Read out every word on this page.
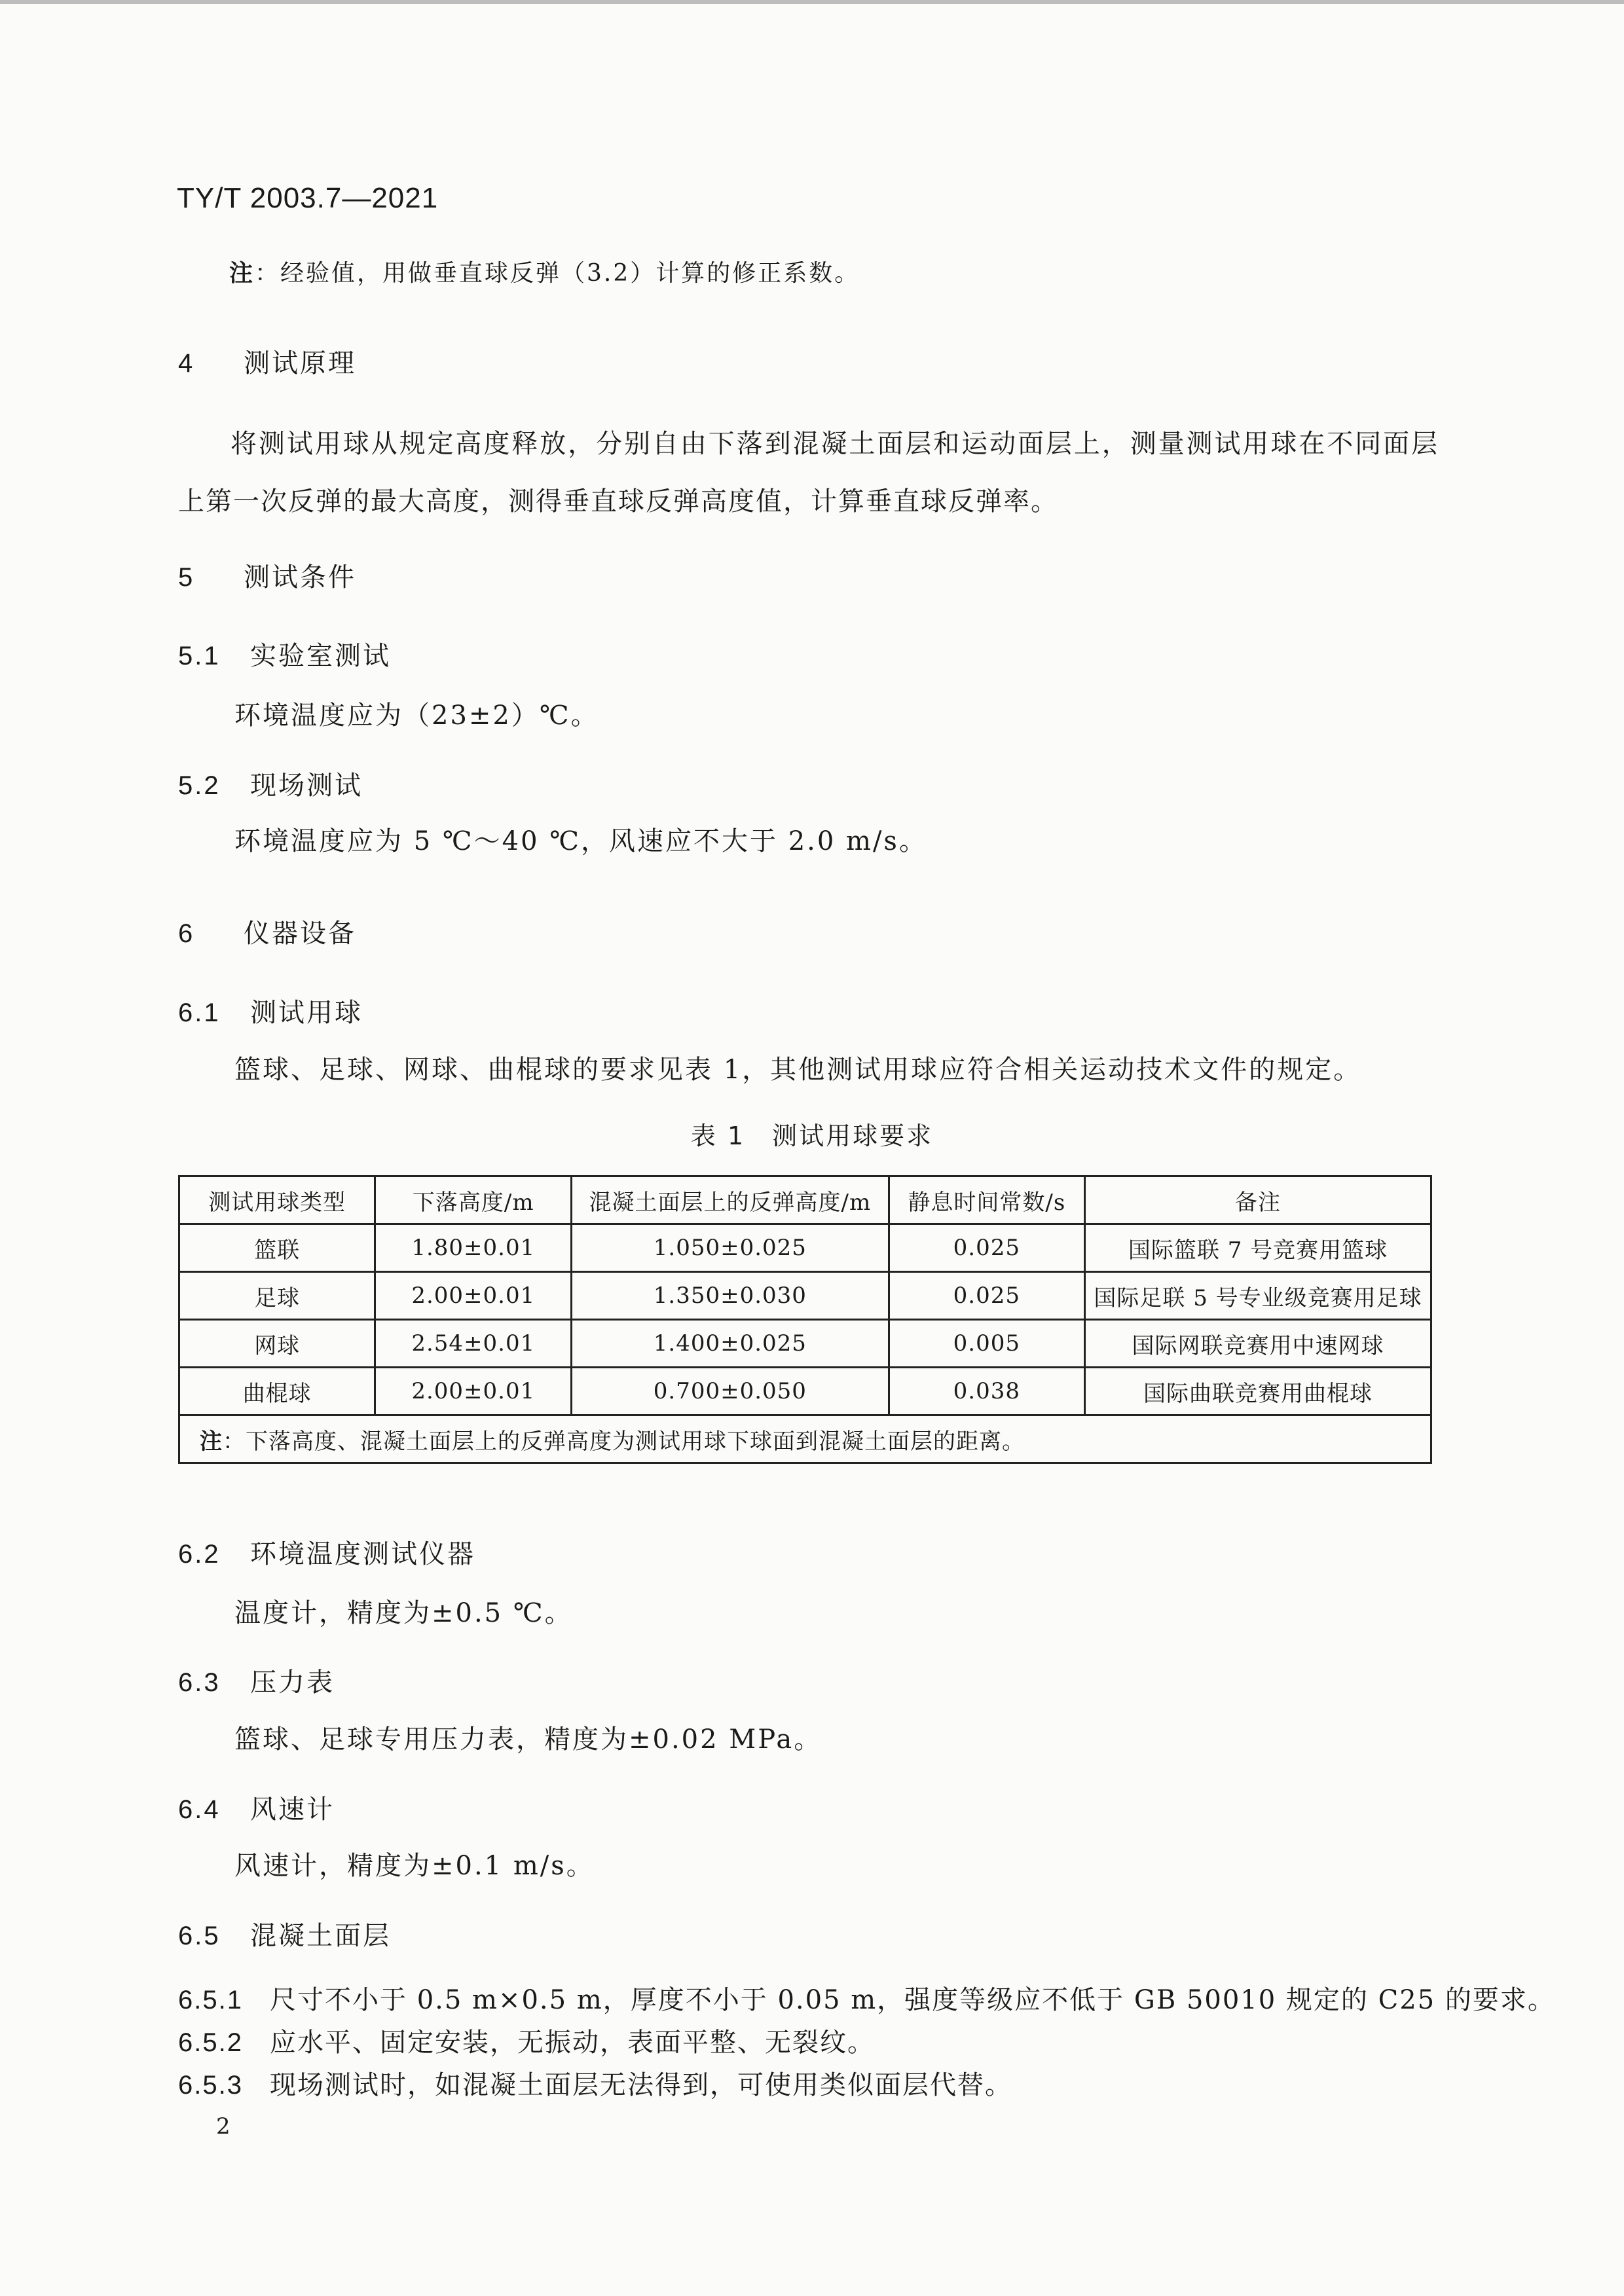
TY/T 2003.7—2021
注：经验值，用做垂直球反弹（3.2）计算的修正系数。
4 测试原理
将测试用球从规定高度释放，分别自由下落到混凝土面层和运动面层上，测量测试用球在不同面层上第一次反弹的最大高度，测得垂直球反弹高度值，计算垂直球反弹率。
5 测试条件
5.1 实验室测试
环境温度应为（23±2）℃。
5.2 现场测试
环境温度应为 5 ℃～40 ℃，风速应不大于 2.0 m/s。
6 仪器设备
6.1 测试用球
篮球、足球、网球、曲棍球的要求见表 1，其他测试用球应符合相关运动技术文件的规定。
表 1　测试用球要求
测试用球类型	下落高度/m	混凝土面层上的反弹高度/m	静息时间常数/s	备注
篮联	1.80±0.01	1.050±0.025	0.025	国际篮联 7 号竞赛用篮球
足球	2.00±0.01	1.350±0.030	0.025	国际足联 5 号专业级竞赛用足球
网球	2.54±0.01	1.400±0.025	0.005	国际网联竞赛用中速网球
曲棍球	2.00±0.01	0.700±0.050	0.038	国际曲联竞赛用曲棍球
注：下落高度、混凝土面层上的反弹高度为测试用球下球面到混凝土面层的距离。				
6.2 环境温度测试仪器
温度计，精度为±0.5 ℃。
6.3 压力表
篮球、足球专用压力表，精度为±0.02 MPa。
6.4 风速计
风速计，精度为±0.1 m/s。
6.5 混凝土面层
6.5.1 尺寸不小于 0.5 m×0.5 m，厚度不小于 0.05 m，强度等级应不低于 GB 50010 规定的 C25 的要求。
6.5.2 应水平、固定安装，无振动，表面平整、无裂纹。
6.5.3 现场测试时，如混凝土面层无法得到，可使用类似面层代替。
2
